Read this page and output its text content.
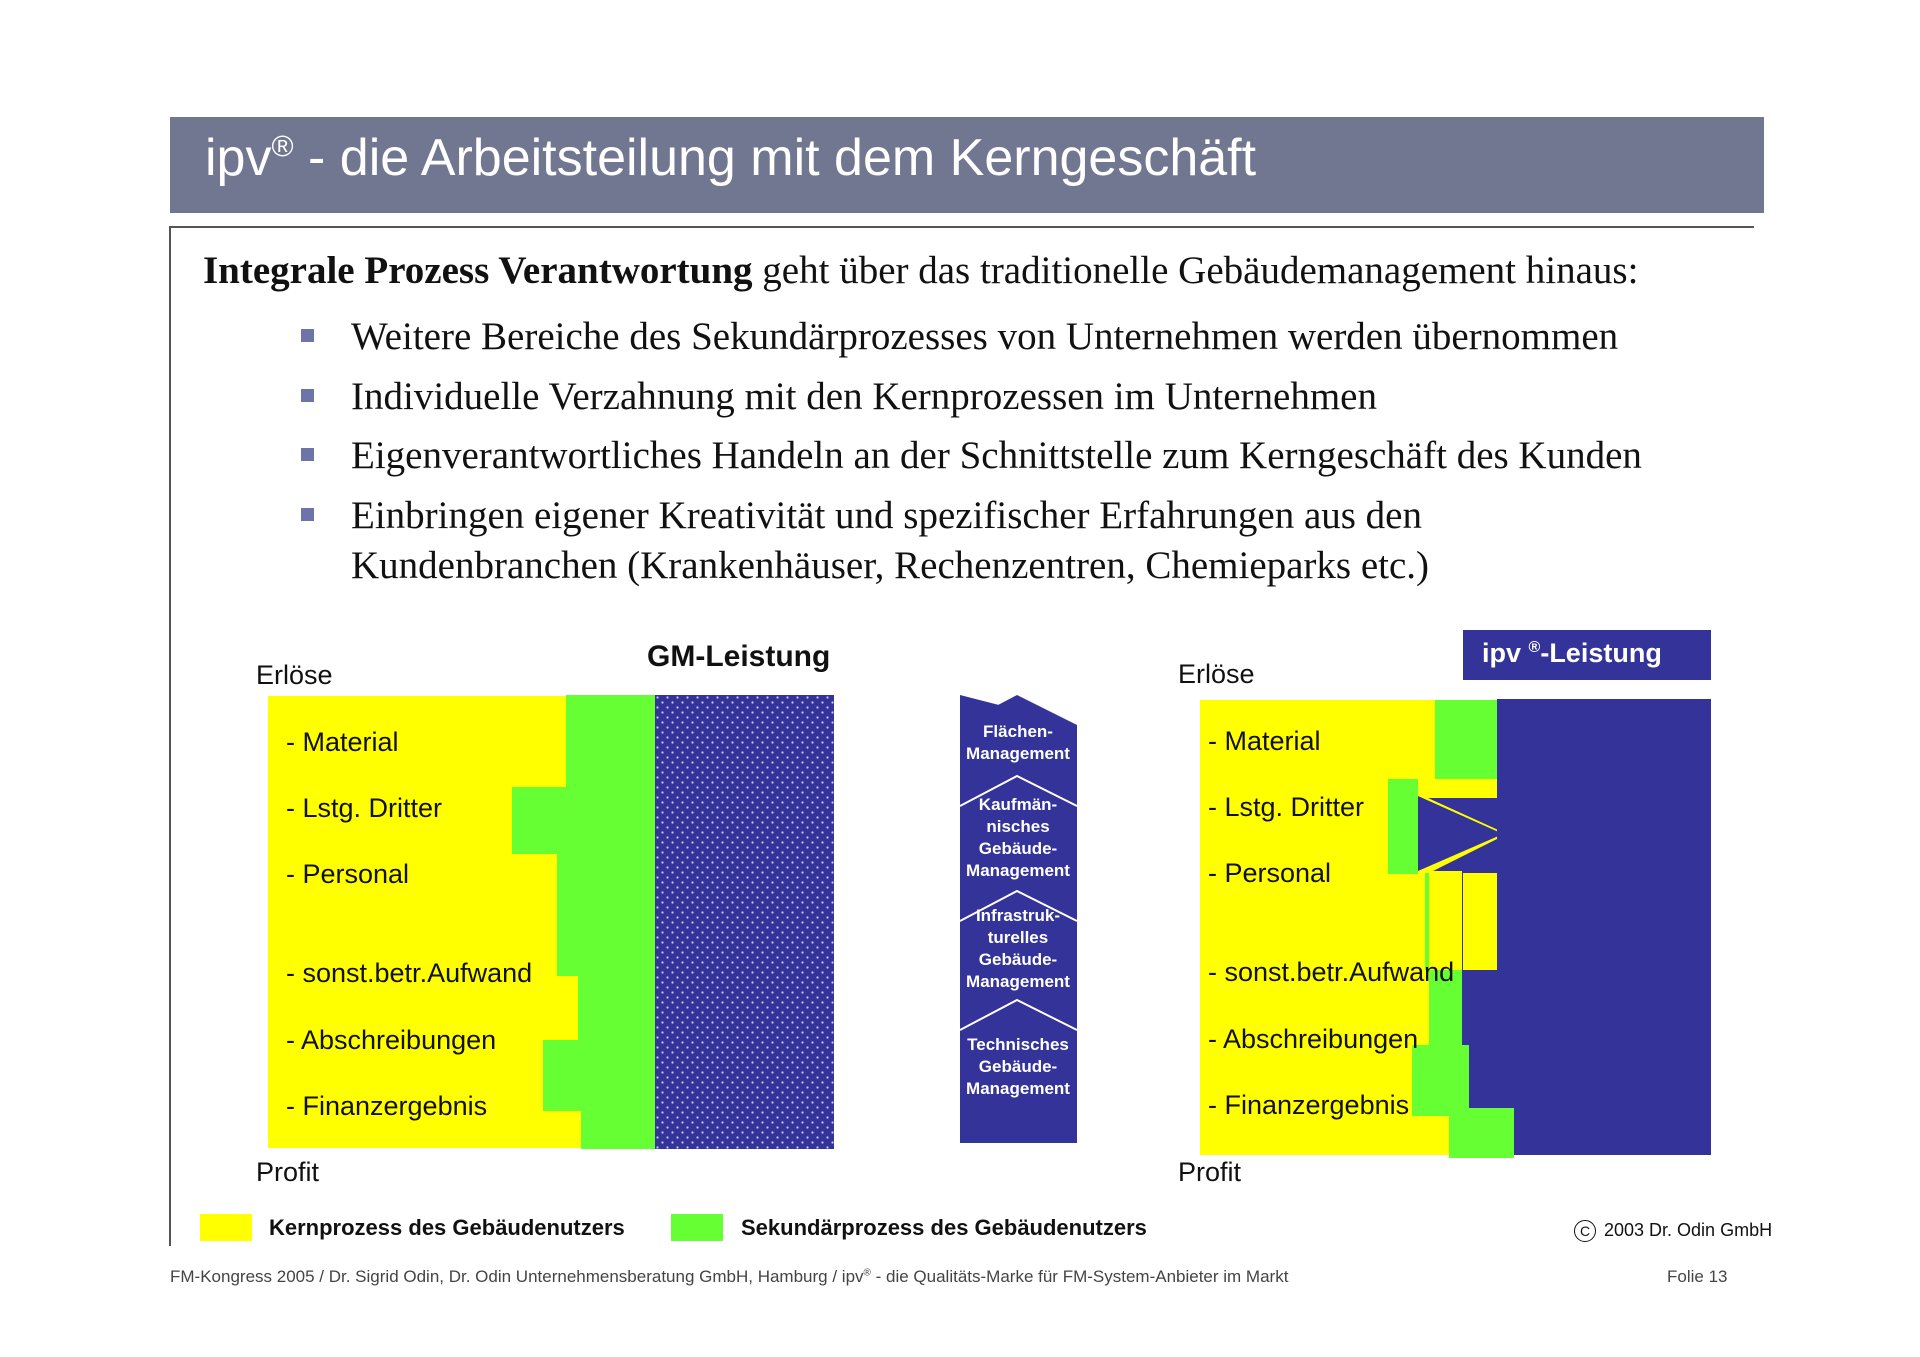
ipv® - die Arbeitsteilung mit dem Kerngeschäft
Integrale Prozess Verantwortung geht über das traditionelle Gebäudemanagement hinaus:
Weitere Bereiche des Sekundärprozesses von Unternehmen werden übernommen
Individuelle Verzahnung mit den Kernprozessen im Unternehmen
Eigenverantwortliches Handeln an der Schnittstelle zum Kerngeschäft des Kunden
Einbringen eigener Kreativität und spezifischer Erfahrungen aus den
Kundenbranchen (Krankenhäuser, Rechenzentren, Chemieparks etc.)
GM-Leistung
Erlöse
Profit
- Material
- Lstg. Dritter
- Personal
- sonst.betr.Aufwand
- Abschreibungen
- Finanzergebnis
Flächen-
Management
Kaufmän-
nisches
Gebäude-
Management
Infrastruk-
turelles
Gebäude-
Management
Technisches
Gebäude-
Management
ipv ®-Leistung
Erlöse
Profit
- Material
- Lstg. Dritter
- Personal
- sonst.betr.Aufwand
- Abschreibungen
- Finanzergebnis
Kernprozess des Gebäudenutzers	Sekundärprozess des Gebäudenutzers	C 2003 Dr. Odin GmbH
FM-Kongress 2005 / Dr. Sigrid Odin, Dr. Odin Unternehmensberatung GmbH, Hamburg / ipv® - die Qualitäts-Marke für FM-System-Anbieter im Markt	Folie 13
